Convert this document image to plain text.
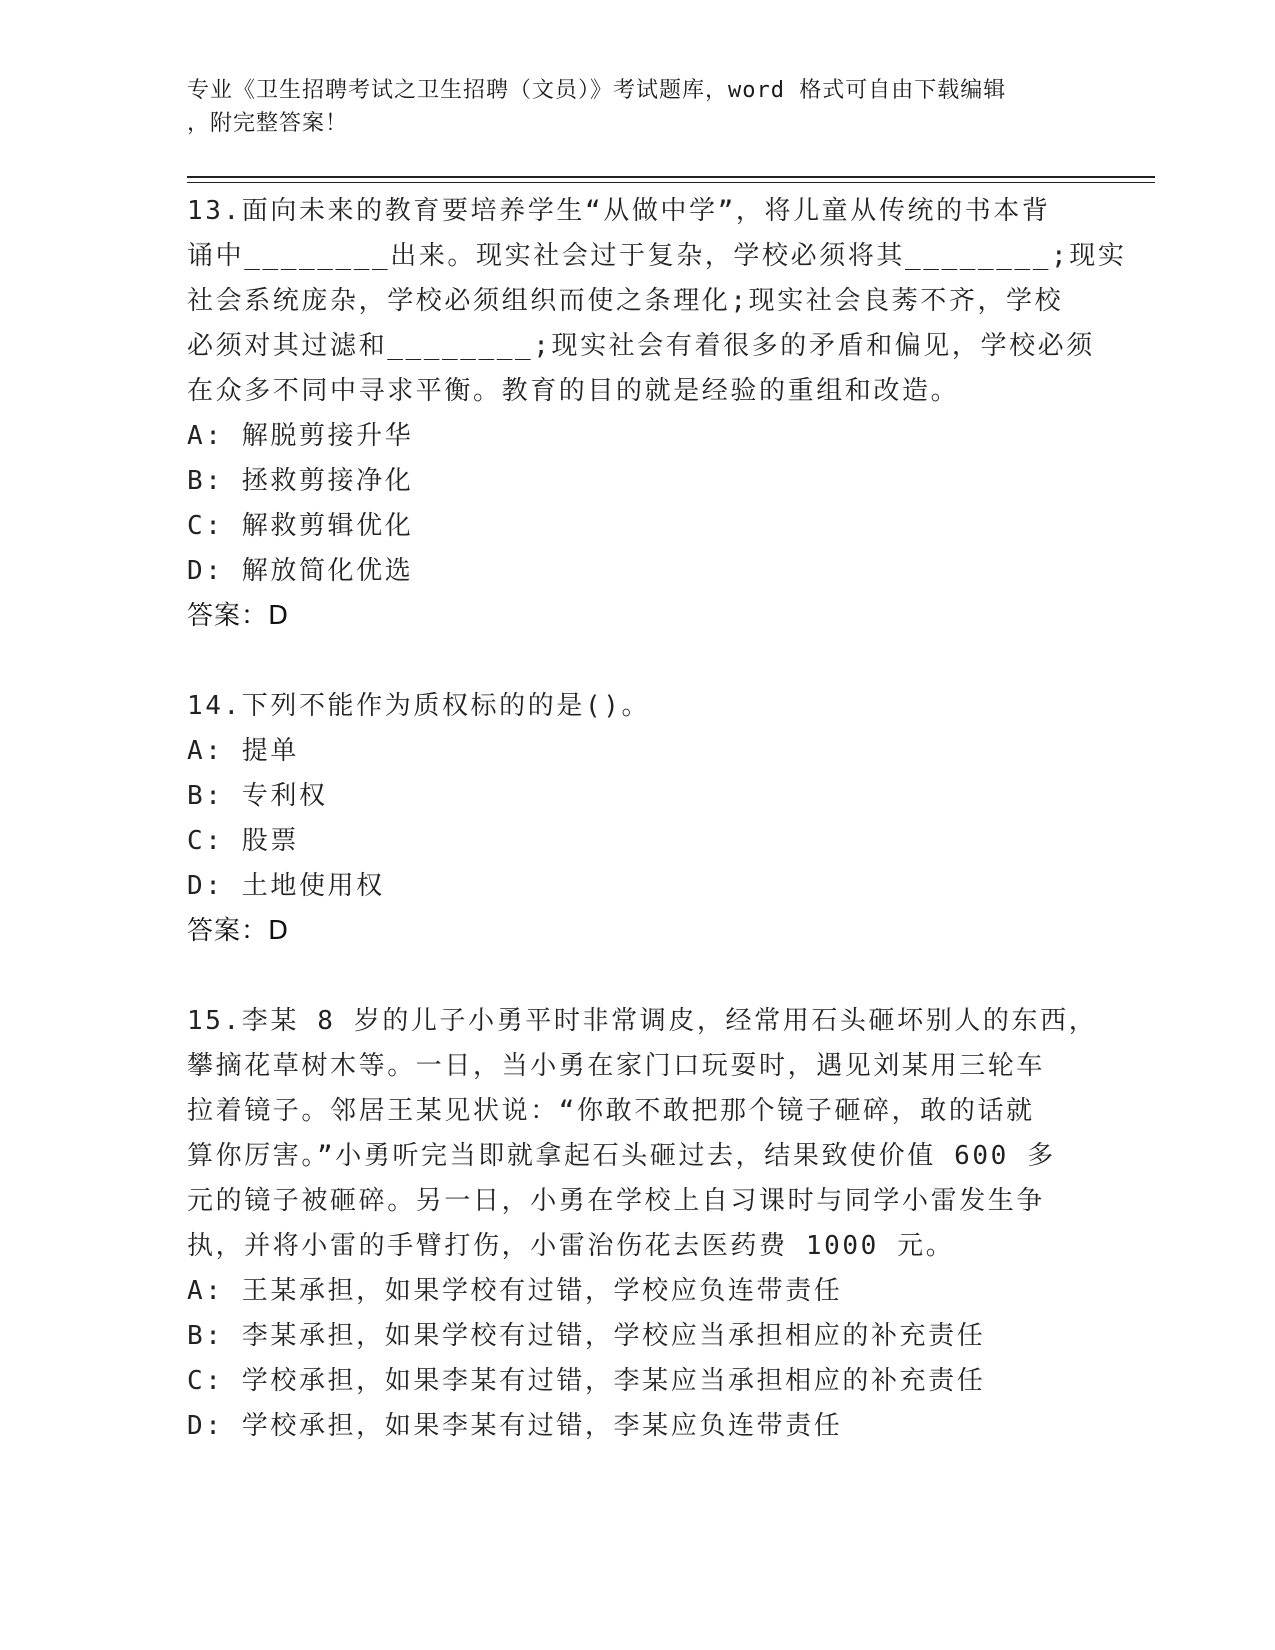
专业《卫生招聘考试之卫生招聘（文员）》考试题库，word 格式可自由下载编辑
，附完整答案！
13.面向未来的教育要培养学生“从做中学”，将儿童从传统的书本背
诵中________出来。现实社会过于复杂，学校必须将其________;现实
社会系统庞杂，学校必须组织而使之条理化;现实社会良莠不齐，学校
必须对其过滤和________;现实社会有着很多的矛盾和偏见，学校必须
在众多不同中寻求平衡。教育的目的就是经验的重组和改造。
A: 解脱剪接升华
B: 拯救剪接净化
C: 解救剪辑优化
D: 解放简化优选
答案：D
14.下列不能作为质权标的的是()。
A: 提单
B: 专利权
C: 股票
D: 土地使用权
答案：D
15.李某 8 岁的儿子小勇平时非常调皮，经常用石头砸坏别人的东西，
攀摘花草树木等。一日，当小勇在家门口玩耍时，遇见刘某用三轮车
拉着镜子。邻居王某见状说：“你敢不敢把那个镜子砸碎，敢的话就
算你厉害。”小勇听完当即就拿起石头砸过去，结果致使价值 600 多
元的镜子被砸碎。另一日，小勇在学校上自习课时与同学小雷发生争
执，并将小雷的手臂打伤，小雷治伤花去医药费 1000 元。
A: 王某承担，如果学校有过错，学校应负连带责任
B: 李某承担，如果学校有过错，学校应当承担相应的补充责任
C: 学校承担，如果李某有过错，李某应当承担相应的补充责任
D: 学校承担，如果李某有过错，李某应负连带责任
